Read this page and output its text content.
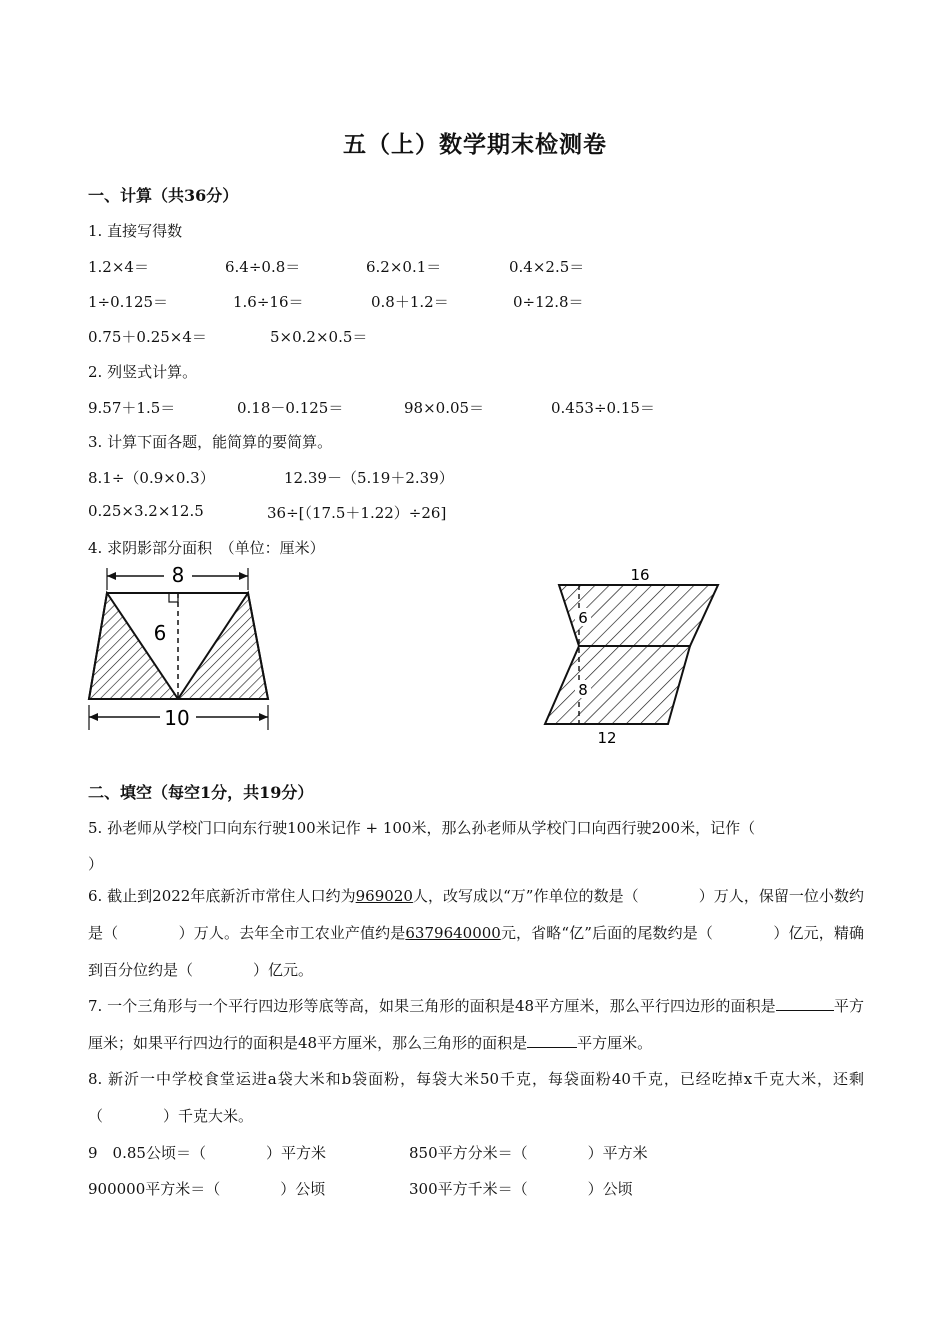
五（上）数学期末检测卷
一、计算（共36分）
1. 直接写得数
1.2×4＝	6.4÷0.8＝	6.2×0.1＝	0.4×2.5＝
1÷0.125＝	1.6÷16＝	0.8＋1.2＝	0÷12.8＝
0.75＋0.25×4＝	5×0.2×0.5＝
2. 列竖式计算。
9.57＋1.5＝	0.18－0.125＝	98×0.05＝	0.453÷0.15＝
3. 计算下面各题，能简算的要简算。
8.1÷（0.9×0.3）	12.39－（5.19＋2.39）
0.25×3.2×12.5	36÷[（17.5＋1.22）÷26]
4. 求阴影部分面积　（单位：厘米）
8
6
10
16
6
8
12
二、填空（每空1分，共19分）
5. 孙老师从学校门口向东行驶100米记作 + 100米，那么孙老师从学校门口向西行驶200米，记作（
）
6. 截止到2022年底新沂市常住人口约为969020人，改写成以“万”作单位的数是（　　　　）万人，保留一位小数约是（　　　　）万人。去年全市工农业产值约是6379640000元，省略“亿”后面的尾数约是（　　　　）亿元，精确到百分位约是（　　　　）亿元。
7. 一个三角形与一个平行四边形等底等高，如果三角形的面积是48平方厘米，那么平行四边形的面积是	平方厘米；如果平行四边行的面积是48平方厘米，那么三角形的面积是	平方厘米。
8. 新沂一中学校食堂运进a袋大米和b袋面粉，每袋大米50千克，每袋面粉40千克，已经吃掉x千克大米，还剩（　　　　）千克大米。
9　0.85公顷＝（　　　　）平方米	850平方分米＝（　　　　）平方米
900000平方米＝（　　　　）公顷	300平方千米＝（　　　　）公顷
